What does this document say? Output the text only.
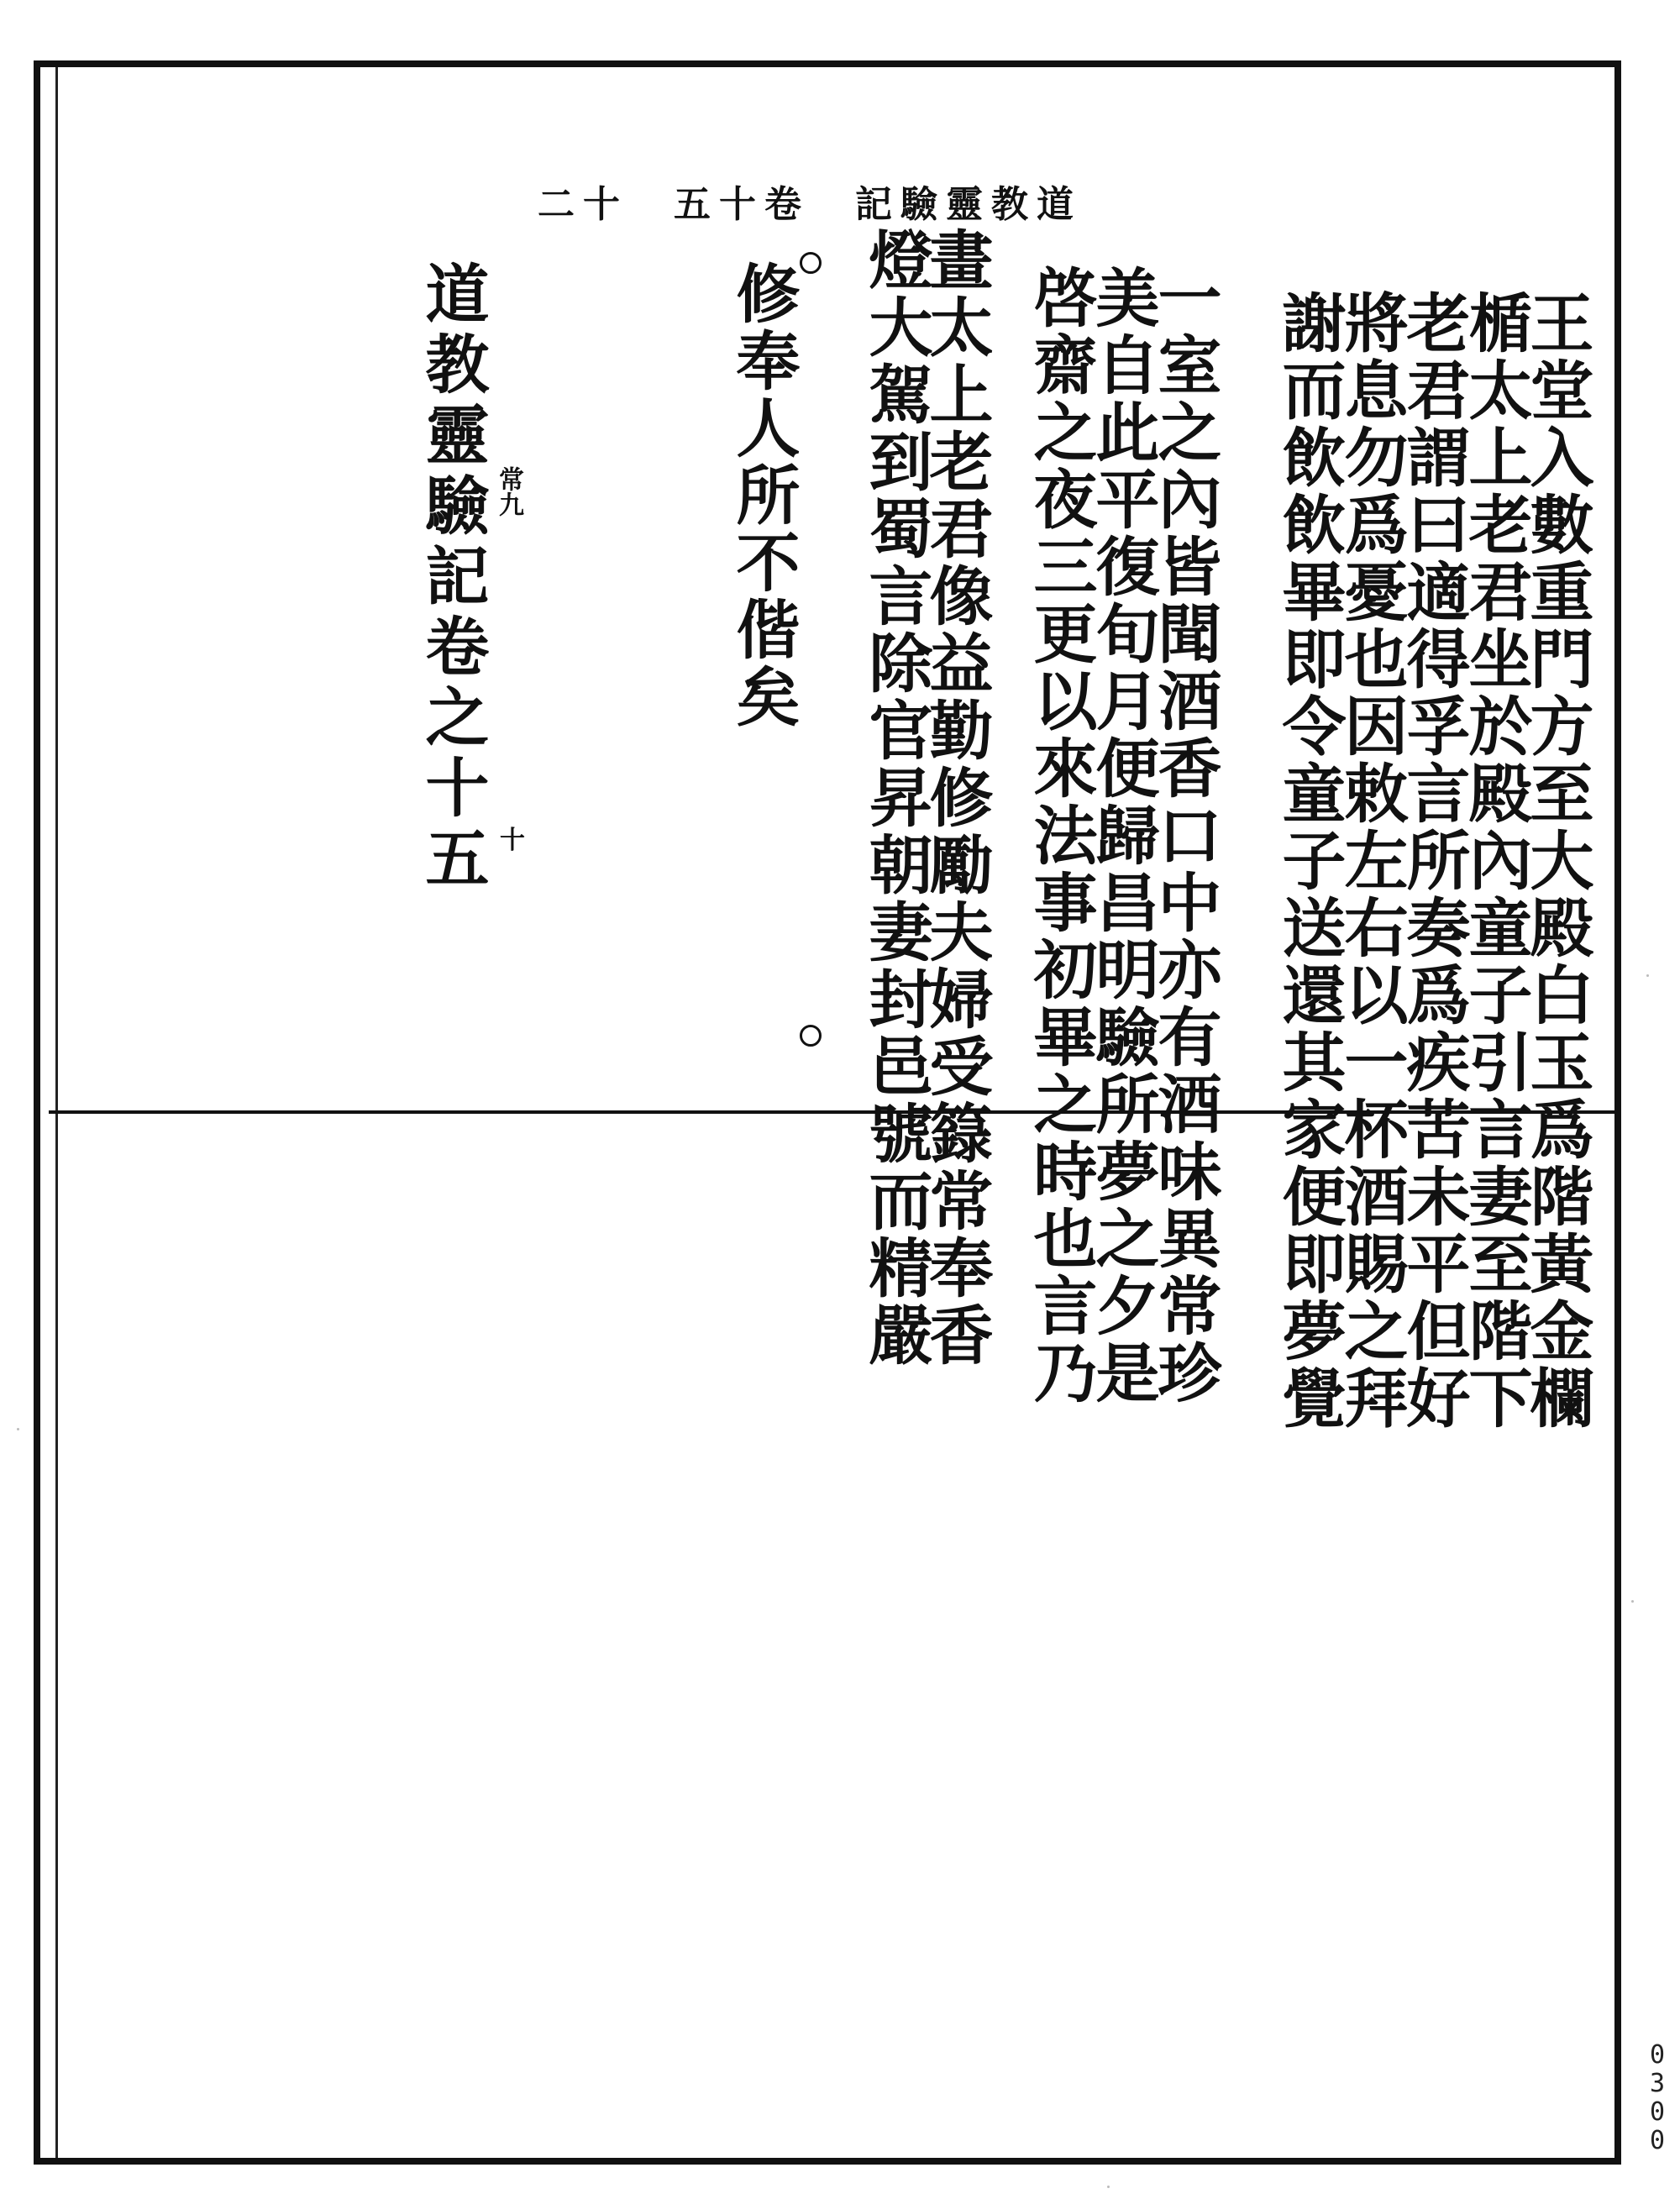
道教靈驗記　卷十五　十二
王堂入數重門方至大殿白玉爲階黃金欄
楯太上老君坐於殿內童子引言妻至階下
老君謂曰適得孚言所奏爲疾苦未平但好
將息勿爲憂也因敕左右以一杯酒賜之拜
謝而飲飲畢即令童子送還其家便即夢覺
一室之內皆聞酒香口中亦有酒味異常珍
美自此平復旬月便歸昌明驗所夢之夕是
啓齋之夜三更以來法事初畢之時也言乃
畫太上老君像益勤修勵夫婦受籙常奉香
燈大駕到蜀言除官昇朝妻封邑號而精嚴
修奉人所不偕矣
道教靈驗記卷之十五 常九
十
0
3
0
0
